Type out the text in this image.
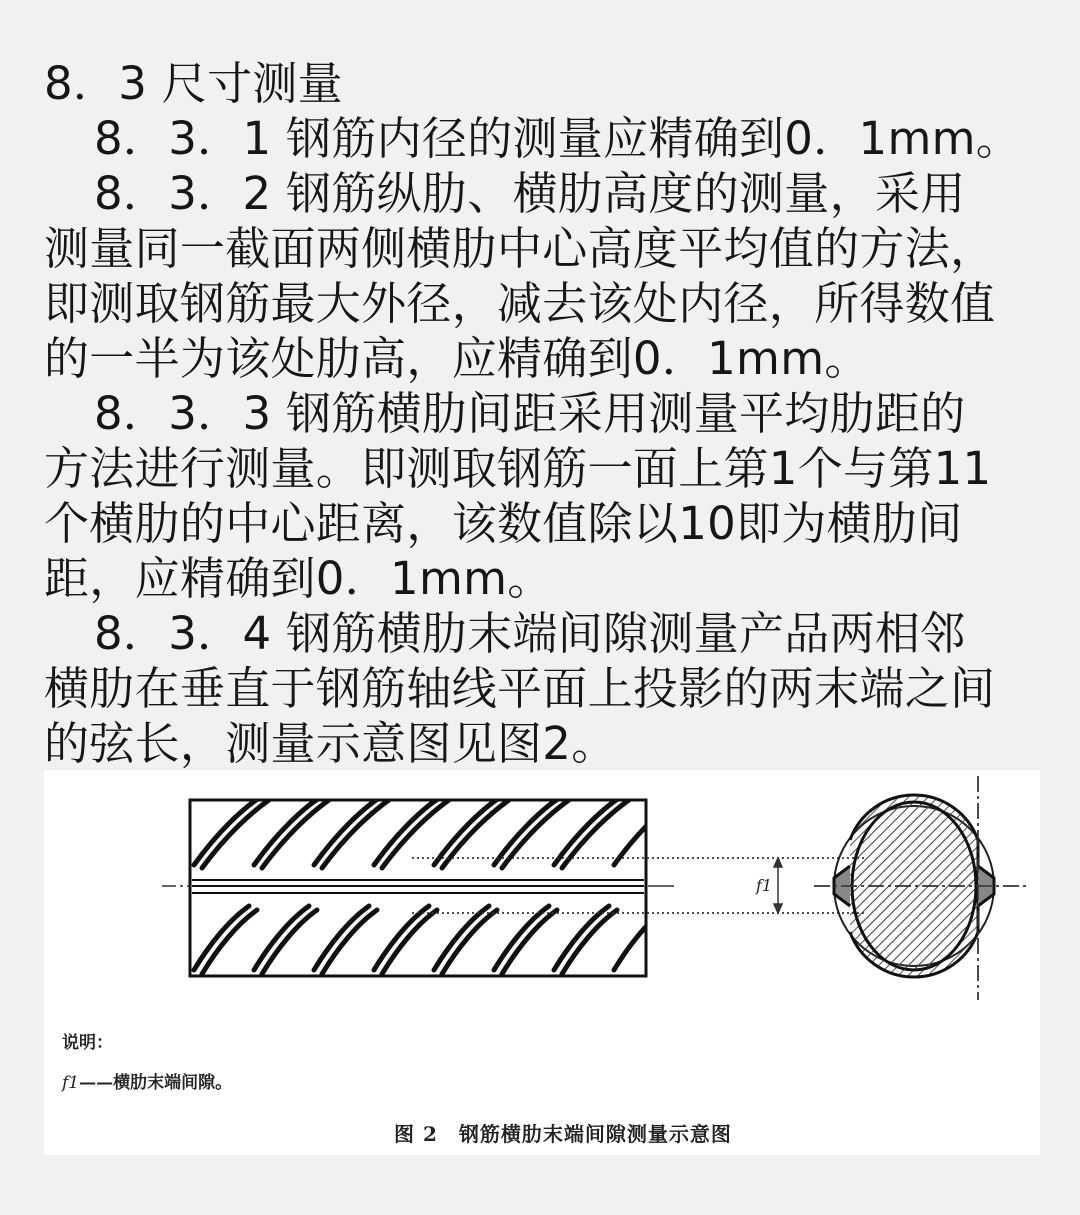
8．3 尺寸测量
8．3．1 钢筋内径的测量应精确到0．1mm。
8．3．2 钢筋纵肋、横肋高度的测量，采用
测量同一截面两侧横肋中心高度平均值的方法，
即测取钢筋最大外径，减去该处内径，所得数值
的一半为该处肋高，应精确到0．1mm。
8．3．3 钢筋横肋间距采用测量平均肋距的
方法进行测量。即测取钢筋一面上第1个与第11
个横肋的中心距离，该数值除以10即为横肋间
距，应精确到0．1mm。
8．3．4 钢筋横肋末端间隙测量产品两相邻
横肋在垂直于钢筋轴线平面上投影的两末端之间
的弦长，测量示意图见图2。
f1
说明：
f1——横肋末端间隙。
图 2　钢筋横肋末端间隙测量示意图
